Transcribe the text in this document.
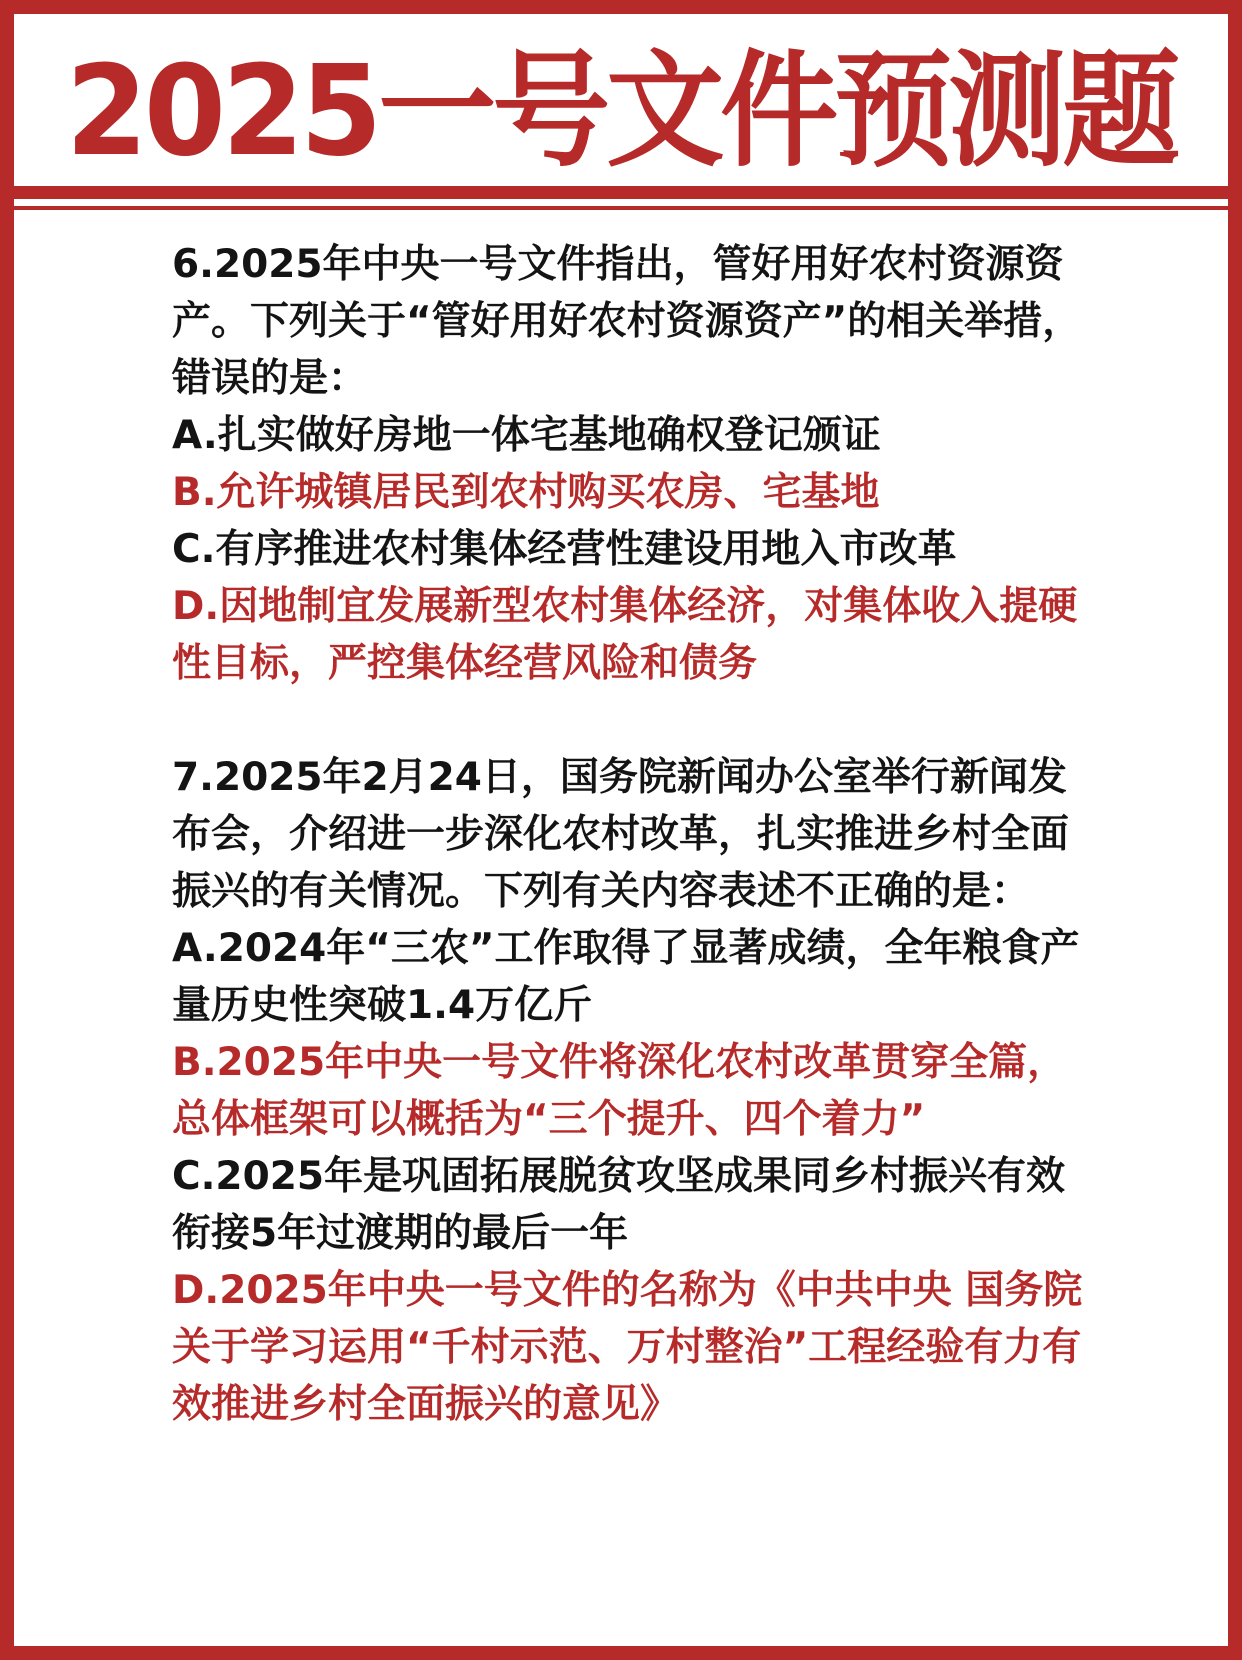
2025一号文件预测题

6.2025年中央一号文件指出，管好用好农村资源资产。下列关于“管好用好农村资源资产”的相关举措，错误的是：

A.扎实做好房地一体宅基地确权登记颁证

B.允许城镇居民到农村购买农房、宅基地

C.有序推进农村集体经营性建设用地入市改革

D.因地制宜发展新型农村集体经济，对集体收入提硬性目标，严控集体经营风险和债务

7.2025年2月24日，国务院新闻办公室举行新闻发布会，介绍进一步深化农村改革，扎实推进乡村全面振兴的有关情况。下列有关内容表述不正确的是：

A.2024年“三农”工作取得了显著成绩，全年粮食产量历史性突破1.4万亿斤

B.2025年中央一号文件将深化农村改革贯穿全篇，总体框架可以概括为“三个提升、四个着力”

C.2025年是巩固拓展脱贫攻坚成果同乡村振兴有效衔接5年过渡期的最后一年

D.2025年中央一号文件的名称为《中共中央 国务院关于学习运用“千村示范、万村整治”工程经验有力有效推进乡村全面振兴的意见》
